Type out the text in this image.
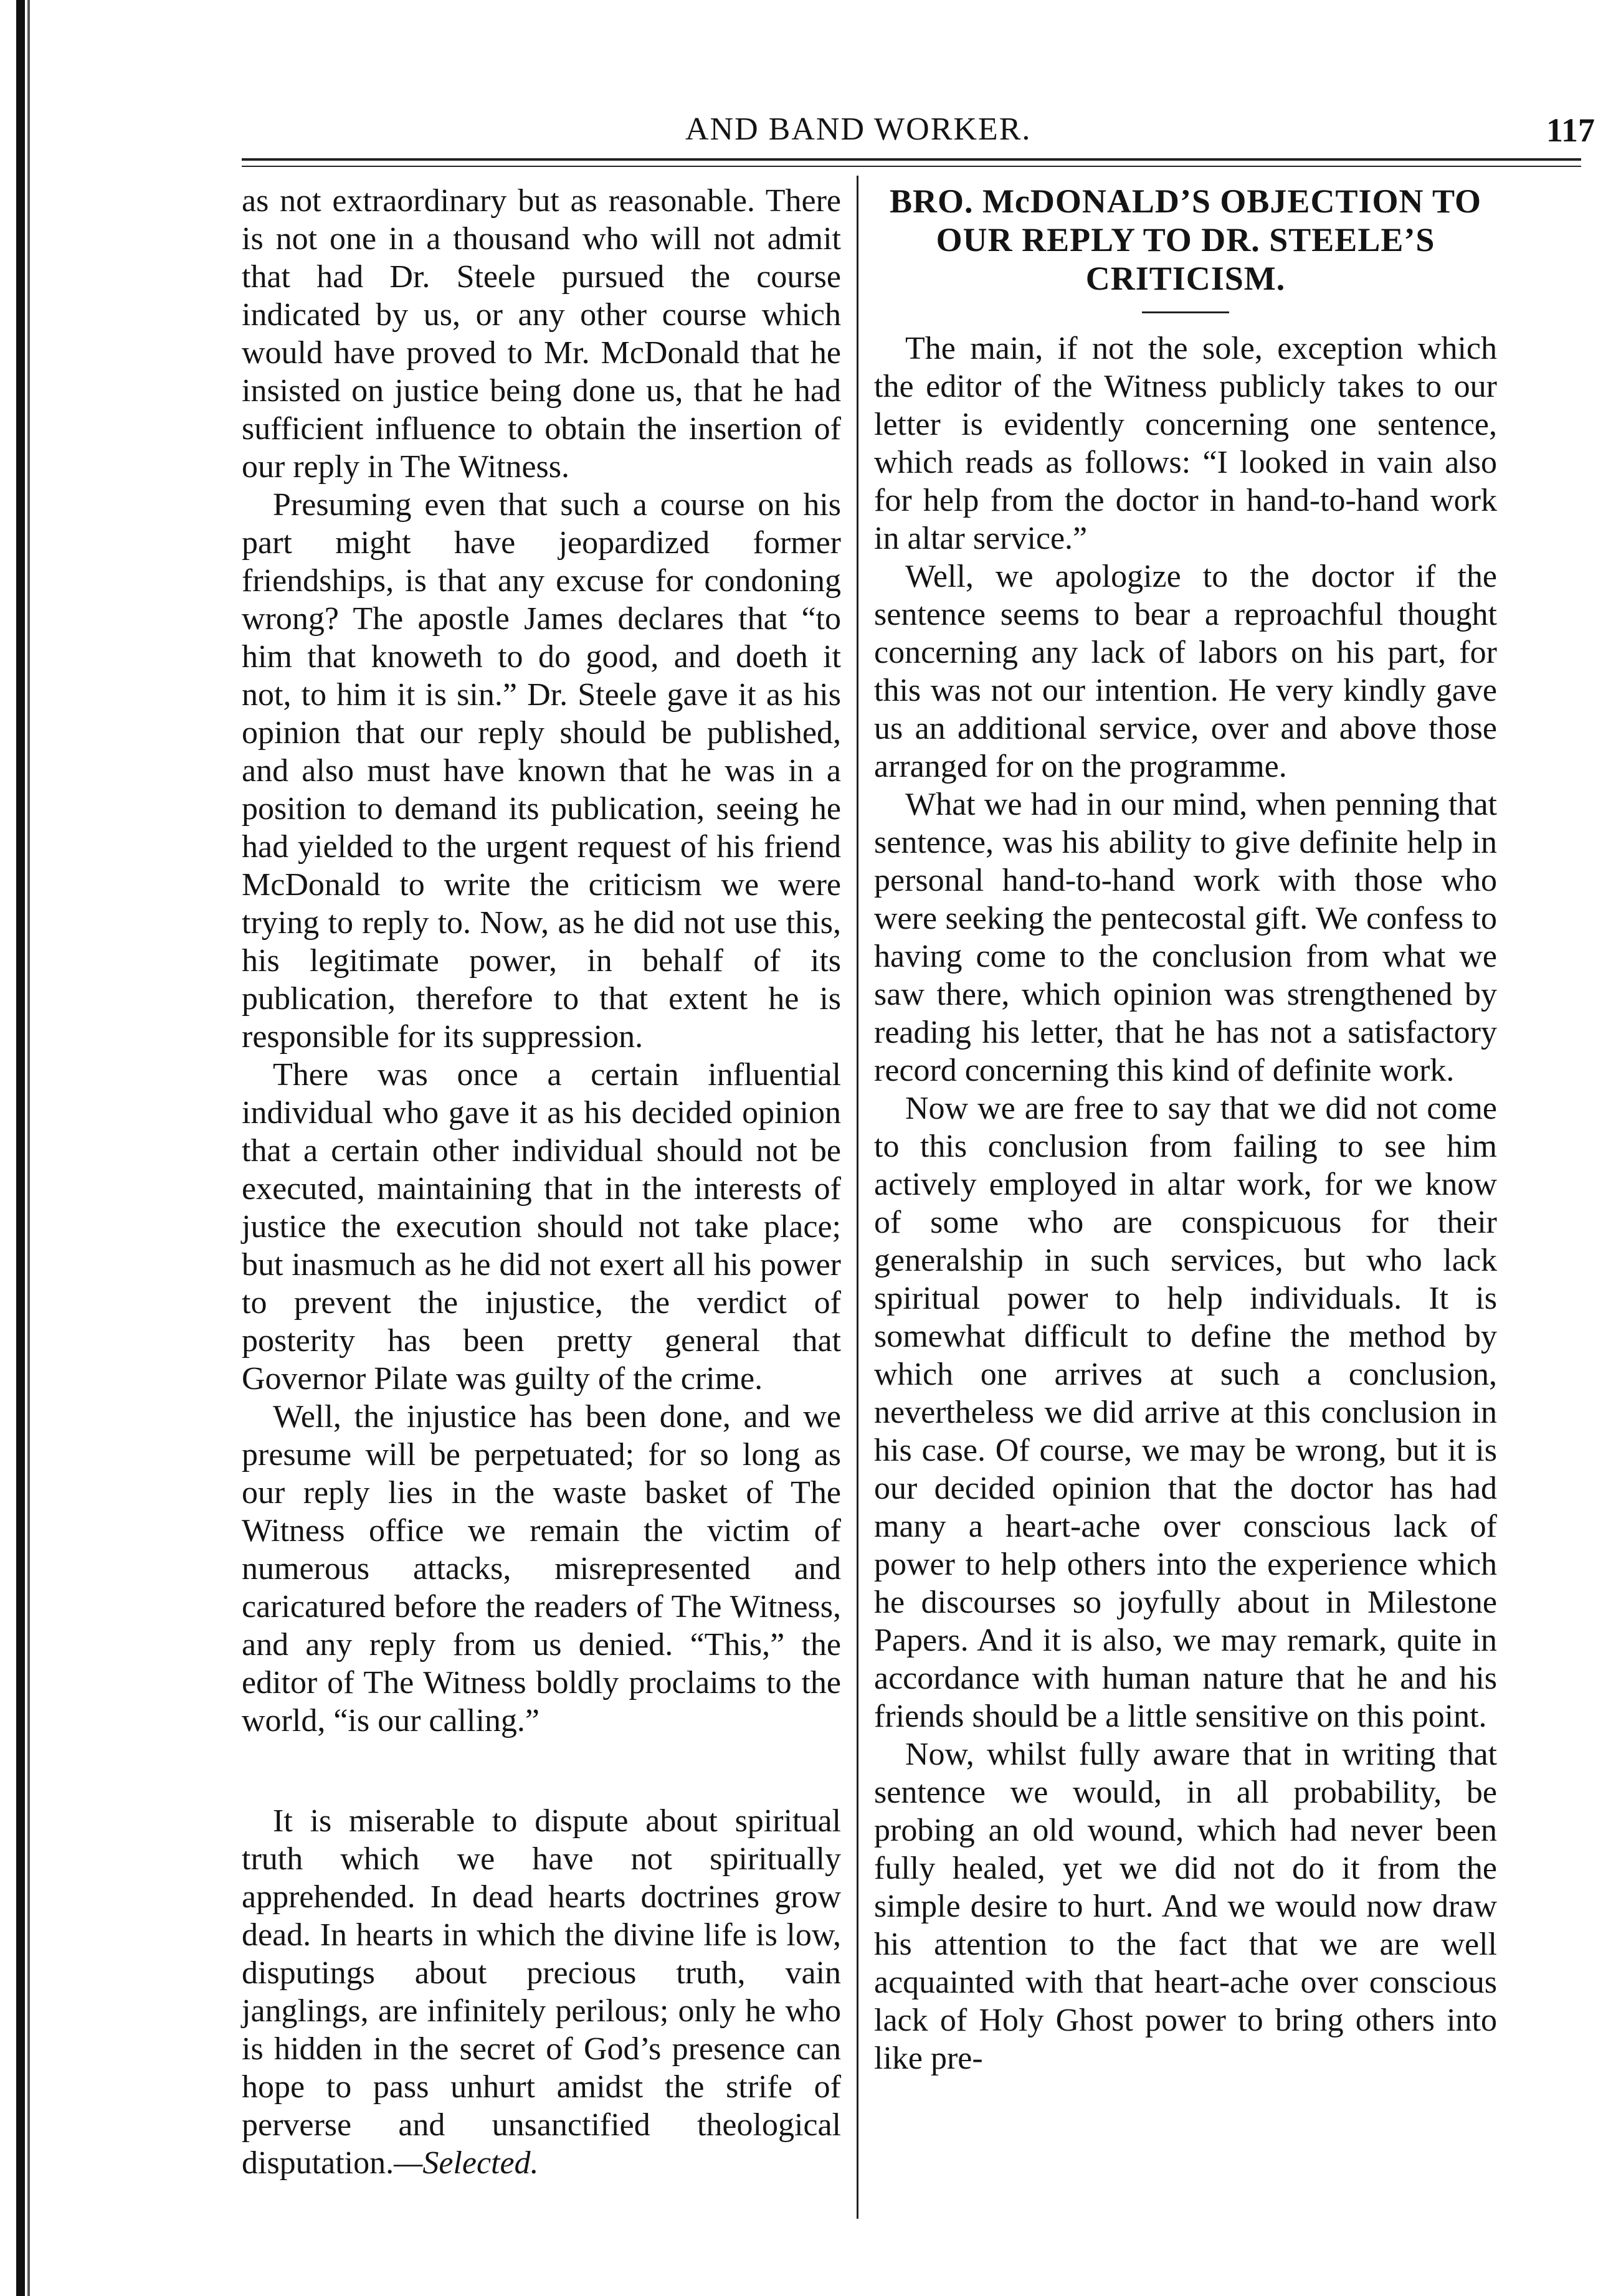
AND BAND WORKER.	117

as not extraordinary but as reasonable. There is not one in a thousand who will not admit that had Dr. Steele pursued the course indicated by us, or any other course which would have proved to Mr. McDonald that he insisted on justice being done us, that he had sufficient influence to obtain the insertion of our reply in The Witness.

Presuming even that such a course on his part might have jeopardized former friendships, is that any excuse for condoning wrong? The apostle James declares that “to him that knoweth to do good, and doeth it not, to him it is sin.” Dr. Steele gave it as his opinion that our reply should be published, and also must have known that he was in a position to demand its publication, seeing he had yielded to the urgent request of his friend McDonald to write the criticism we were trying to reply to. Now, as he did not use this, his legitimate power, in behalf of its publication, therefore to that extent he is responsible for its suppression.

There was once a certain influential individual who gave it as his decided opinion that a certain other individual should not be executed, maintaining that in the interests of justice the execution should not take place; but inasmuch as he did not exert all his power to prevent the injustice, the verdict of posterity has been pretty general that Governor Pilate was guilty of the crime.

Well, the injustice has been done, and we presume will be perpetuated; for so long as our reply lies in the waste basket of The Witness office we remain the victim of numerous attacks, misrepresented and caricatured before the readers of The Witness, and any reply from us denied. “This,” the editor of The Witness boldly proclaims to the world, “is our calling.”

It is miserable to dispute about spiritual truth which we have not spiritually apprehended. In dead hearts doctrines grow dead. In hearts in which the divine life is low, disputings about precious truth, vain janglings, are infinitely perilous; only he who is hidden in the secret of God’s presence can hope to pass unhurt amidst the strife of perverse and unsanctified theological disputation.—Selected.

BRO. McDONALD’S OBJECTION TO OUR REPLY TO DR. STEELE’S CRITICISM.

The main, if not the sole, exception which the editor of the Witness publicly takes to our letter is evidently concerning one sentence, which reads as follows: “I looked in vain also for help from the doctor in hand-to-hand work in altar service.”

Well, we apologize to the doctor if the sentence seems to bear a reproachful thought concerning any lack of labors on his part, for this was not our intention. He very kindly gave us an additional service, over and above those arranged for on the programme.

What we had in our mind, when penning that sentence, was his ability to give definite help in personal hand-to-hand work with those who were seeking the pentecostal gift. We confess to having come to the conclusion from what we saw there, which opinion was strengthened by reading his letter, that he has not a satisfactory record concerning this kind of definite work.

Now we are free to say that we did not come to this conclusion from failing to see him actively employed in altar work, for we know of some who are conspicuous for their generalship in such services, but who lack spiritual power to help individuals. It is somewhat difficult to define the method by which one arrives at such a conclusion, nevertheless we did arrive at this conclusion in his case. Of course, we may be wrong, but it is our decided opinion that the doctor has had many a heart-ache over conscious lack of power to help others into the experience which he discourses so joyfully about in Milestone Papers. And it is also, we may remark, quite in accordance with human nature that he and his friends should be a little sensitive on this point.

Now, whilst fully aware that in writing that sentence we would, in all probability, be probing an old wound, which had never been fully healed, yet we did not do it from the simple desire to hurt. And we would now draw his attention to the fact that we are well acquainted with that heart-ache over conscious lack of Holy Ghost power to bring others into like pre-
